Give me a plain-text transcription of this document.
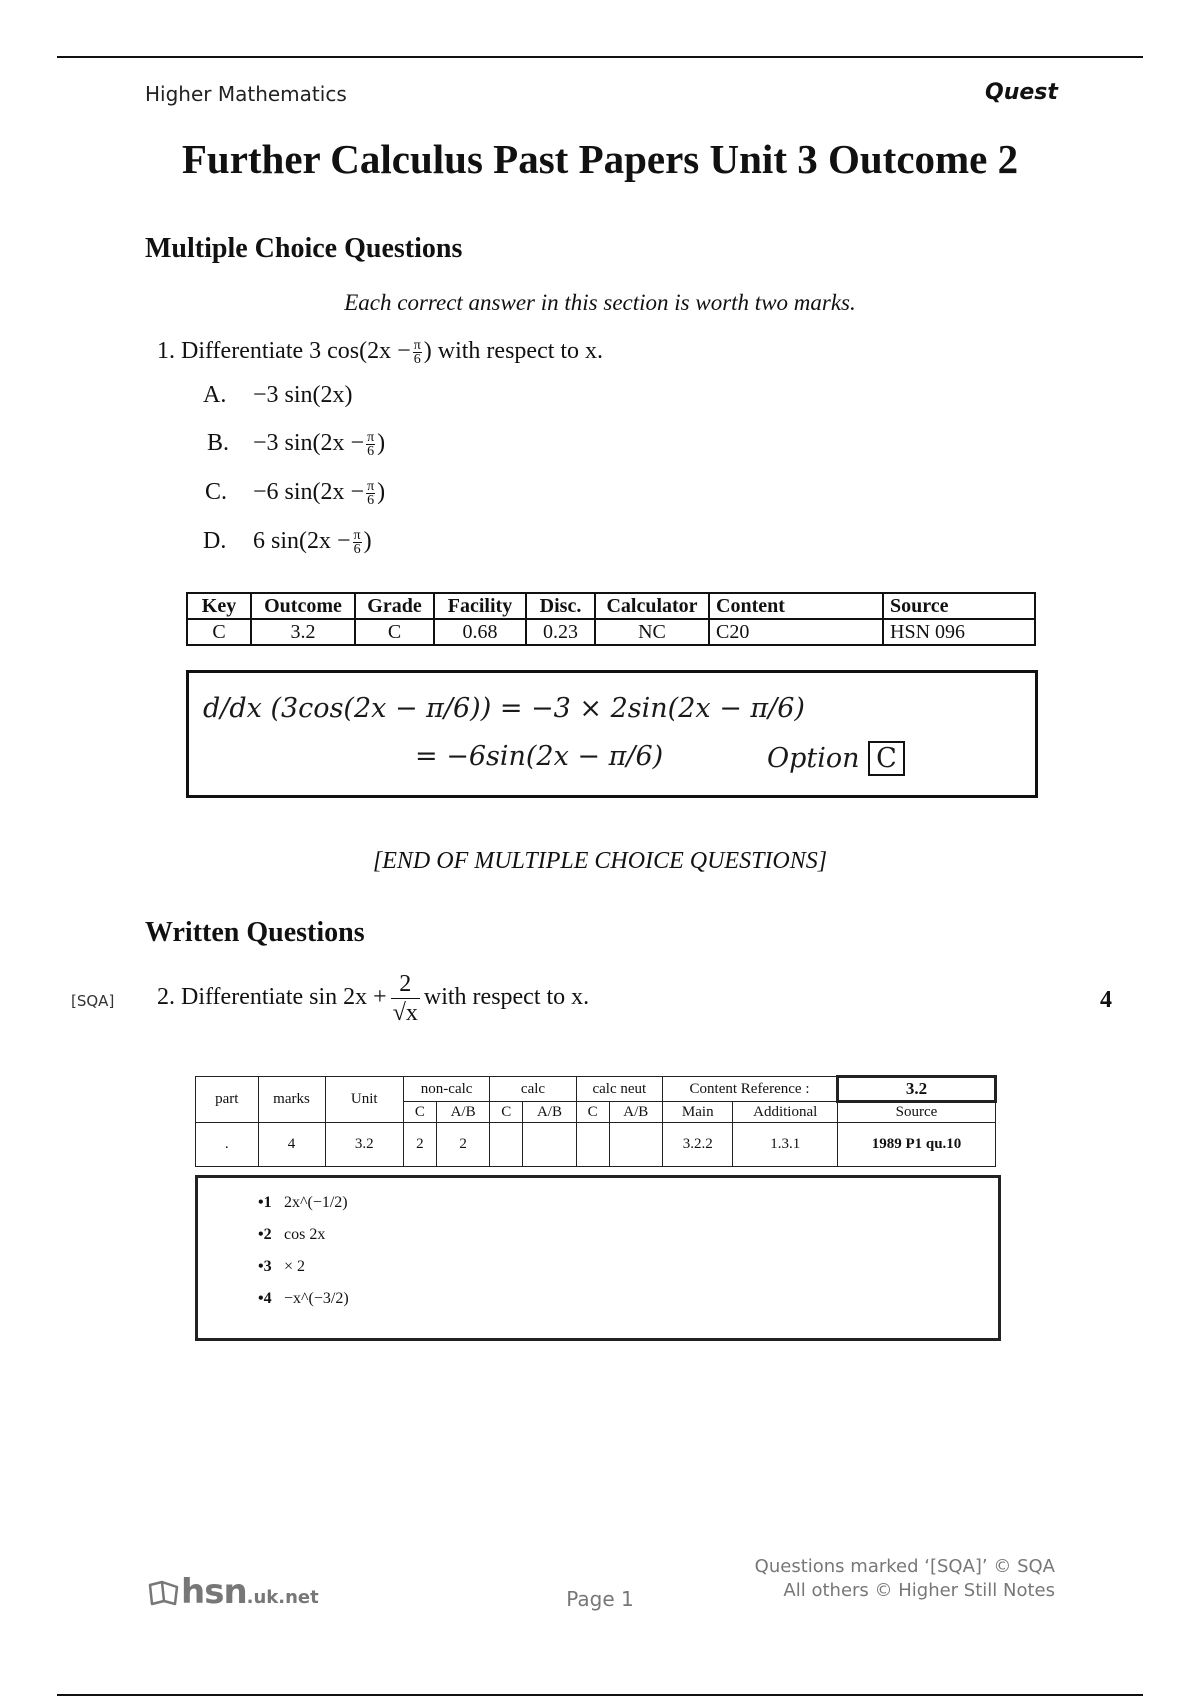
Higher Mathematics	Quest
Further Calculus Past Papers Unit 3 Outcome 2
Multiple Choice Questions
Each correct answer in this section is worth two marks.
1. Differentiate 3 $\cos(2x - \frac{\pi}{6}$ ) with respect to x.
A. −3 sin(2x)
B. −3 $\sin(2x - \frac{\pi}{6}$ )
C. −6 $\sin(2x - \frac{\pi}{6}$ )
D. 6 $\sin(2x - \frac{\pi}{6}$ )
Key	Outcome	Grade	Facility	Disc.	Calculator	Content	Source
C	3.2	C	0.68	0.23	NC	C20	HSN 096
d/dx (3cos(2x − π/6)) = −3 × 2sin(2x − π/6)
= −6sin(2x − π/6)	Option C
[END OF MULTIPLE CHOICE QUESTIONS]
Written Questions
[SQA] 2. Differentiate $\sin 2x + \frac{2}{√x}$ with respect to x.	4
part	marks	Unit	non-calc		calc		calc neut		Content Reference :		3.2
			C	A/B	C	A/B	C	A/B	Main	Additional	Source
.	4	3.2	2	2					3.2.2	1.3.1	1989 P1 qu.10
•1 2x^(−1/2)
•2 cos 2x
•3 × 2
•4 −x^(−3/2)
hsn.uk.net	Page 1
Questions marked ‘[SQA]’ © SQA
All others © Higher Still Notes
